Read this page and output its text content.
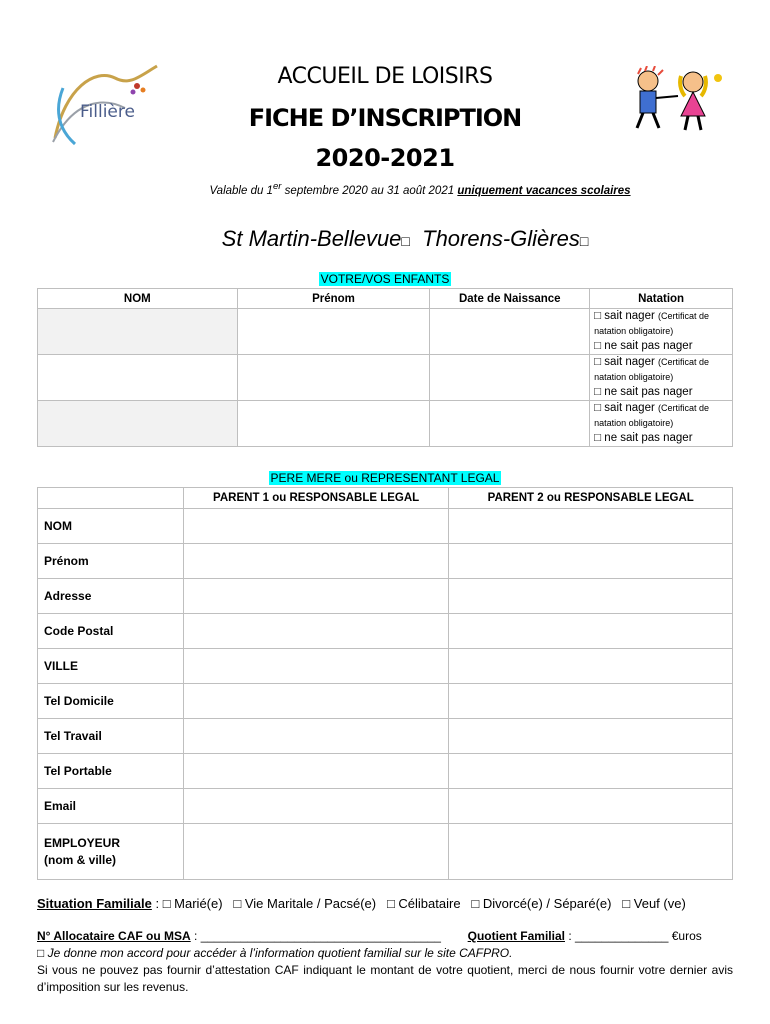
Fillière
ACCUEIL DE LOISIRS
FICHE D’INSCRIPTION
2020-2021
Valable du 1er septembre 2020 au 31 août 2021 uniquement vacances scolaires
St Martin-Bellevue□ Thorens-Glières□
VOTRE/VOS ENFANTS
NOM	Prénom	Date de Naissance	Natation

			□ sait nager (Certificat de natation obligatoire)
□ ne sait pas nager

			□ sait nager (Certificat de natation obligatoire)
□ ne sait pas nager

			□ sait nager (Certificat de natation obligatoire)
□ ne sait pas nager
PERE MERE ou REPRESENTANT LEGAL
	PARENT 1 ou RESPONSABLE LEGAL	PARENT 2 ou RESPONSABLE LEGAL
NOM		
Prénom		
Adresse		
Code Postal		
VILLE		
Tel Domicile		
Tel Travail		
Tel Portable		
Email		
EMPLOYEUR
(nom & ville)		
Situation Familiale : □ Marié(e)   □ Vie Maritale / Pacsé(e)   □ Célibataire   □ Divorcé(e) / Séparé(e)   □ Veuf (ve)
N° Allocataire CAF ou MSA : ____________________________________        Quotient Familial : ______________ €uros
□ Je donne mon accord pour accéder à l’information quotient familial sur le site CAFPRO.
Si vous ne pouvez pas fournir d’attestation CAF indiquant le montant de votre quotient, merci de nous fournir votre dernier avis d’imposition sur les revenus.
